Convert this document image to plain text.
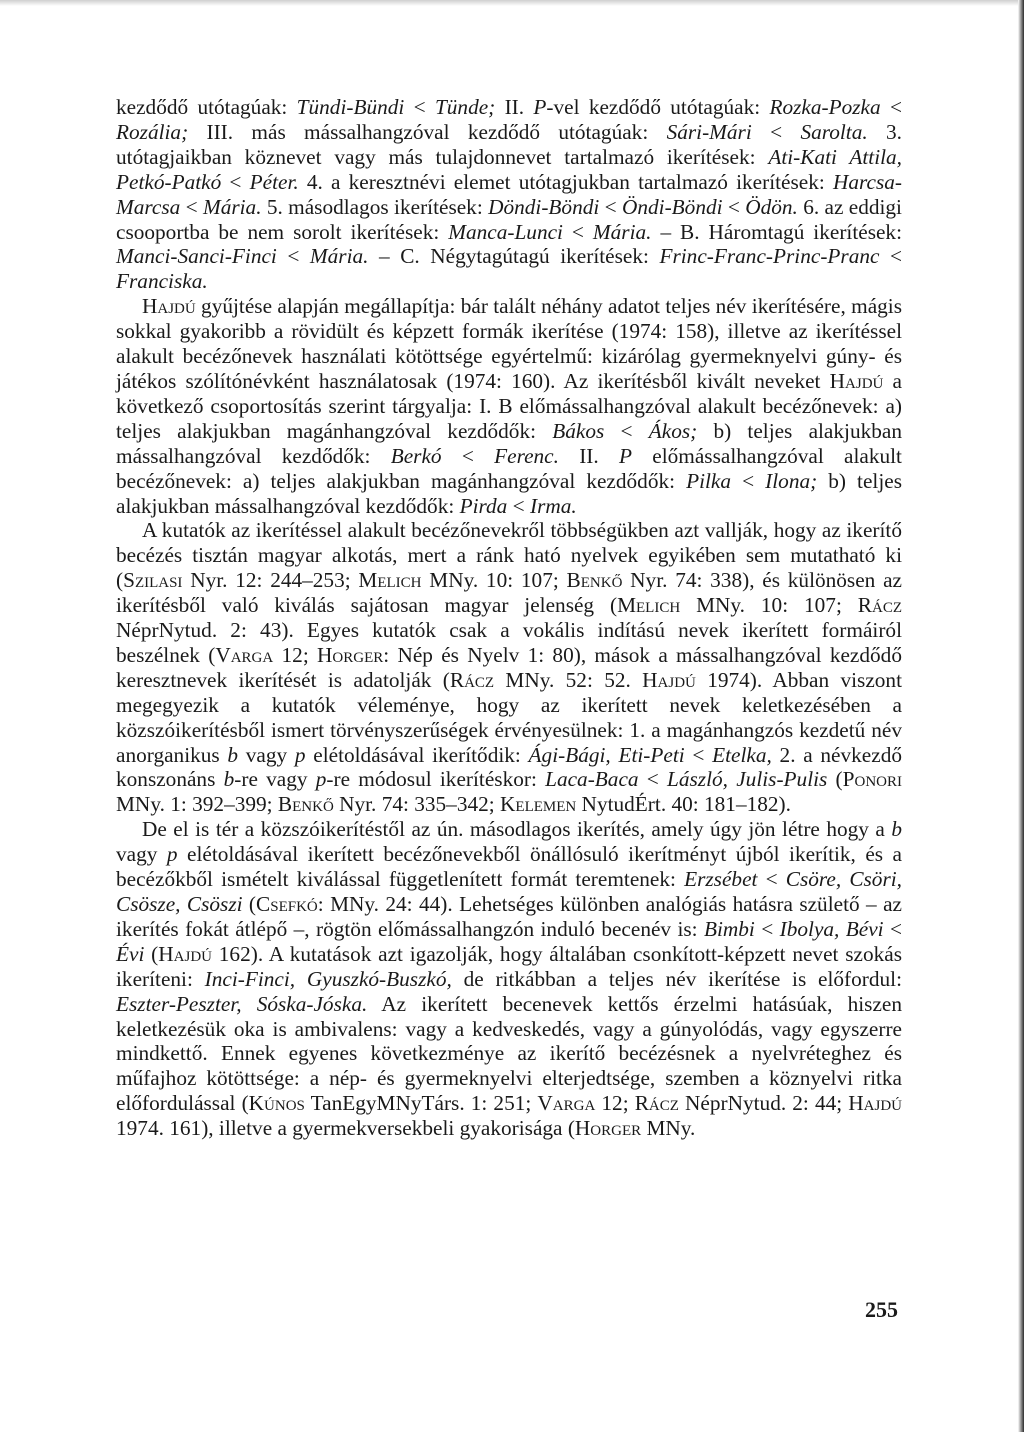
kezdődő utótagúak: Tündi-Bündi < Tünde; II. P-vel kezdődő utótagúak: Rozka-Pozka < Rozália; III. más mássalhangzóval kezdődő utótagúak: Sári-Mári < Sarolta. 3. utótagjaikban köznevet vagy más tulajdonnevet tartalmazó ikerítések: Ati-Kati Attila, Petkó-Patkó < Péter. 4. a keresztnévi elemet utótagjukban tartalmazó ikerítések: Harcsa- Marcsa < Mária. 5. másodlagos ikerítések: Döndi-Böndi < Öndi-Böndi < Ödön. 6. az eddigi csooportba be nem sorolt ikerítések: Manca-Lunci < Mária. – B. Háromtagú ikerítések: Manci-Sanci-Finci < Mária. – C. Négytagútagú ikerítések: Frinc-Franc-Princ-Pranc < Franciska.

Hajdú gyűjtése alapján megállapítja: bár talált néhány adatot teljes név ikerítésére, mágis sokkal gyakoribb a rövidült és képzett formák ikerítése (1974: 158), illetve az ikerítéssel alakult becézőnevek használati kötöttsége egyértelmű: kizárólag gyermeknyelvi gúny- és játékos szólítónévként használatosak (1974: 160). Az ikerítésből kivált neveket Hajdú a következő csoportosítás szerint tárgyalja: I. B előmássalhangzóval alakult becézőnevek: a) teljes alakjukban magánhangzóval kezdődők: Bákos < Ákos; b) teljes alakjukban mássalhangzóval kezdődők: Berkó < Ferenc. II. P előmássalhangzóval alakult becézőnevek: a) teljes alakjukban magánhangzóval kezdődők: Pilka < Ilona; b) teljes alakjukban mássalhangzóval kezdődők: Pirda < Irma.

A kutatók az ikerítéssel alakult becézőnevekről többségükben azt vallják, hogy az ikerítő becézés tisztán magyar alkotás, mert a ránk ható nyelvek egyikében sem mutatható ki (Szilasi Nyr. 12: 244–253; Melich MNy. 10: 107; Benkő Nyr. 74: 338), és különösen az ikerítésből való kiválás sajátosan magyar jelenség (Melich MNy. 10: 107; Rácz NéprNytud. 2: 43). Egyes kutatók csak a vokális indítású nevek ikerített formáiról beszélnek (Varga 12; Horger: Nép és Nyelv 1: 80), mások a mássalhangzóval kezdődő keresztnevek ikerítését is adatolják (Rácz MNy. 52: 52. Hajdú 1974). Abban viszont megegyezik a kutatók véleménye, hogy az ikerített nevek keletkezésében a közszóikerítésből ismert törvényszerűségek érvényesülnek: 1. a magánhangzós kezdetű név anorganikus b vagy p elétoldásával ikerítődik: Ági-Bági, Eti-Peti < Etelka, 2. a névkezdő konszonáns b-re vagy p-re módosul ikerítéskor: Laca-Baca < László, Julis-Pulis (Ponori MNy. 1: 392–399; Benkő Nyr. 74: 335–342; Kelemen NytudÉrt. 40: 181–182).

De el is tér a közszóikerítéstől az ún. másodlagos ikerítés, amely úgy jön létre hogy a b vagy p elétoldásával ikerített becézőnevekből önállósuló ikerítményt újból ikerítik, és a becézőkből ismételt kiválással függetlenített formát teremtenek: Erzsébet < Csöre, Csöri, Csösze, Csöszi (Csefkó: MNy. 24: 44). Lehetséges különben analógiás hatásra születő – az ikerítés fokát átlépő –, rögtön előmássalhangzón induló becenév is: Bimbi < Ibolya, Bévi < Évi (Hajdú 162). A kutatások azt igazolják, hogy általában csonkított-képzett nevet szokás ikeríteni: Inci-Finci, Gyuszkó-Buszkó, de ritkábban a teljes név ikerítése is előfordul: Eszter-Peszter, Sóska-Jóska. Az ikerített becenevek kettős érzelmi hatásúak, hiszen keletkezésük oka is ambivalens: vagy a kedveskedés, vagy a gúnyolódás, vagy egyszerre mindkettő. Ennek egyenes következménye az ikerítő becézésnek a nyelvréteghez és műfajhoz kötöttsége: a nép- és gyermeknyelvi elterjedtsége, szemben a köznyelvi ritka előfordulással (Kúnos TanEgyMNyTárs. 1: 251; Varga 12; Rácz NéprNytud. 2: 44; Hajdú 1974. 161), illetve a gyermekversekbeli gyakorisága (Horger MNy.

255
